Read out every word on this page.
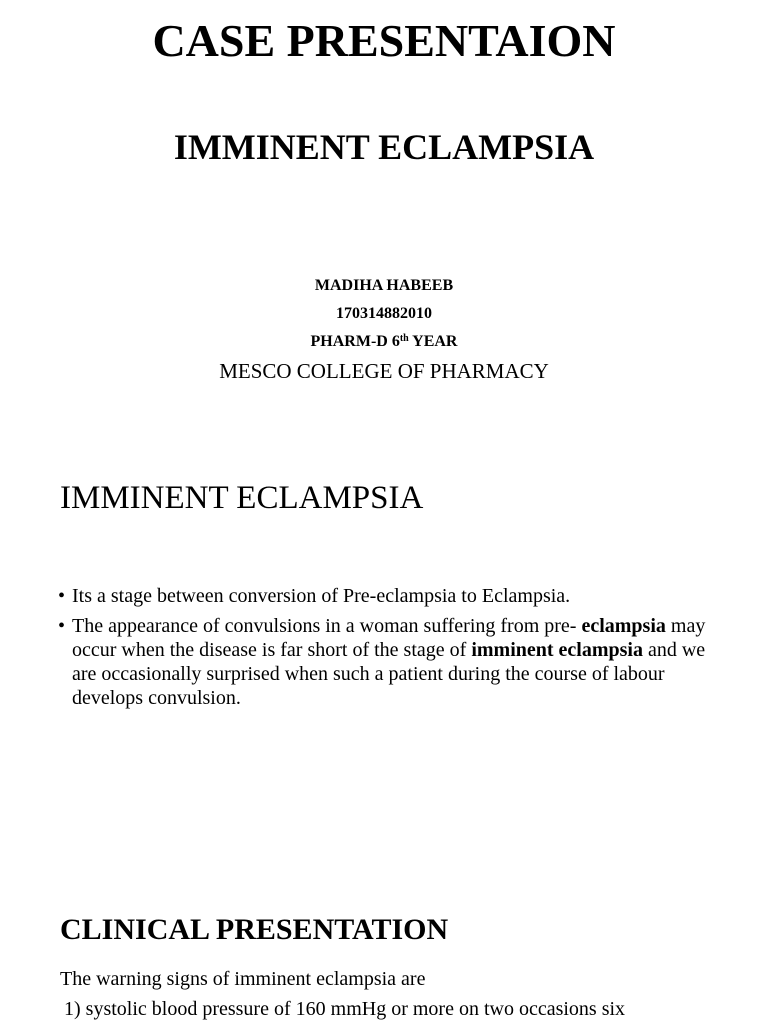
CASE PRESENTAION
IMMINENT ECLAMPSIA
MADIHA HABEEB
170314882010
PHARM-D 6th YEAR
MESCO COLLEGE OF PHARMACY
IMMINENT ECLAMPSIA
• Its a stage between conversion of Pre-eclampsia to Eclampsia.
• The appearance of convulsions in a woman suffering from pre- eclampsia may occur when the disease is far short of the stage of imminent eclampsia and we are occasionally surprised when such a patient during the course of labour develops convulsion.
CLINICAL PRESENTATION
The warning signs of imminent eclampsia are
1) systolic blood pressure of 160 mmHg or more on two occasions six
